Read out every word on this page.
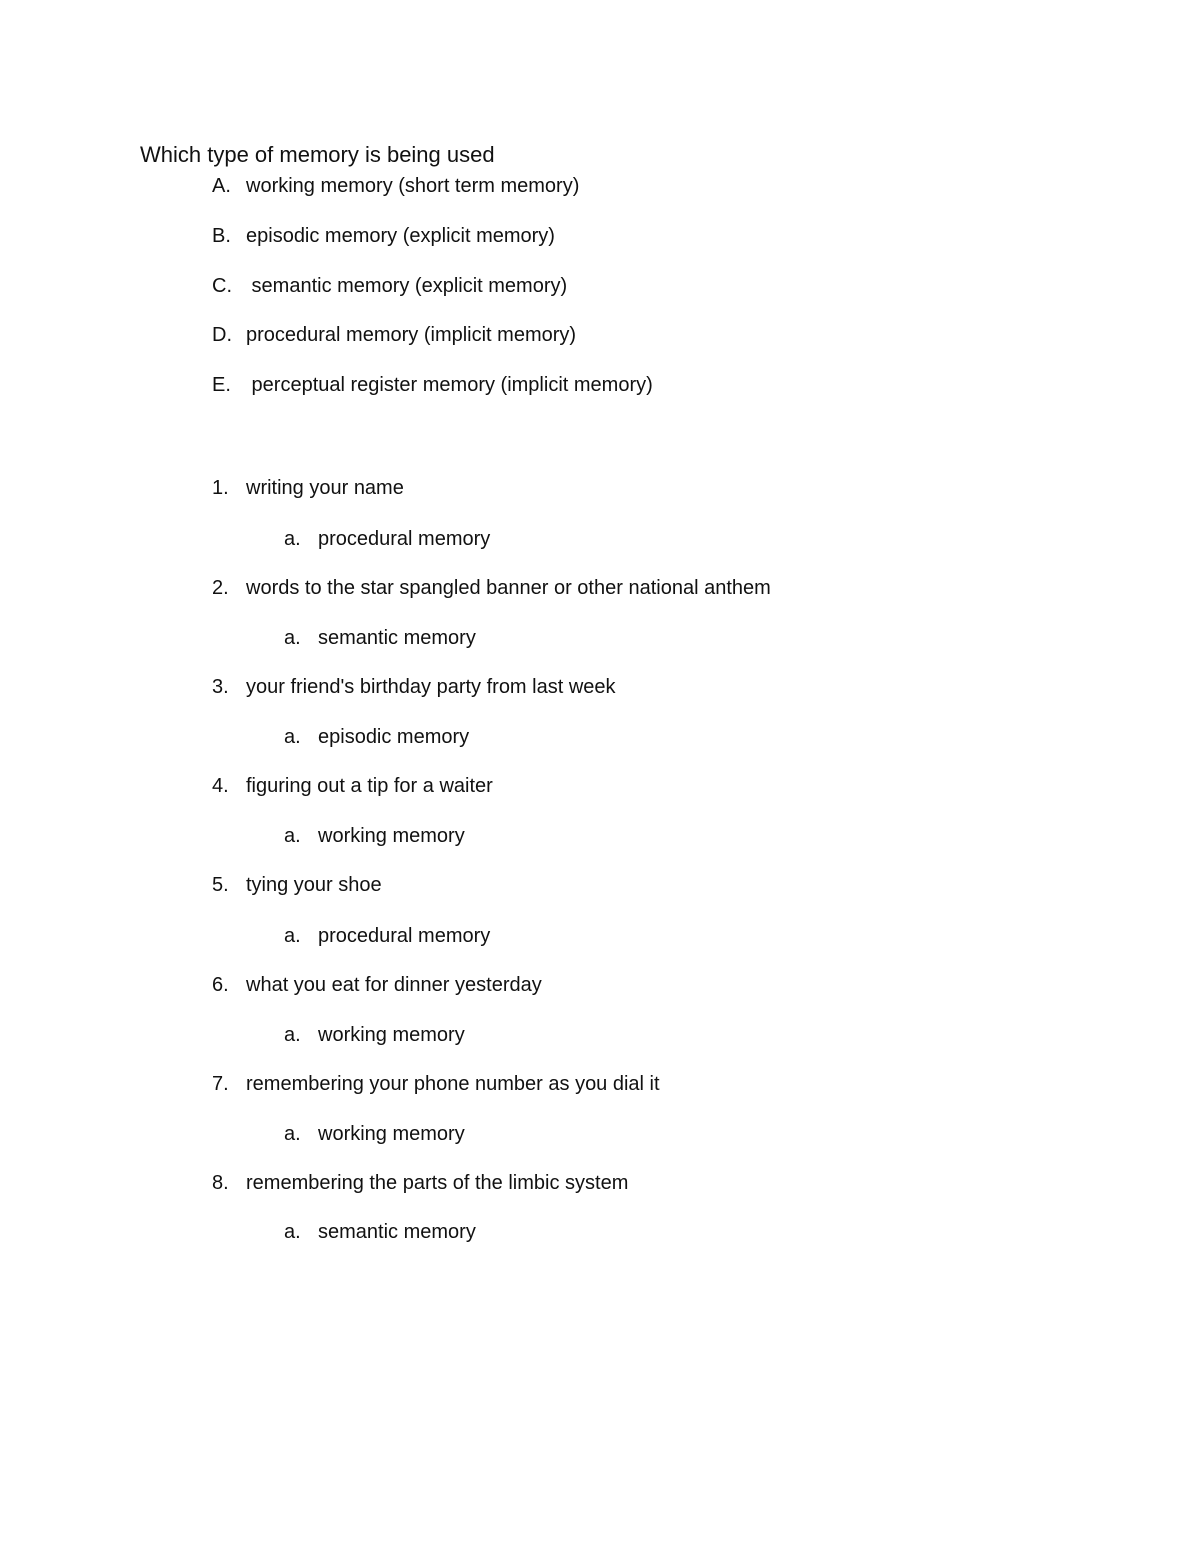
Which type of memory is being used
A. working memory (short term memory)
B. episodic memory (explicit memory)
C. semantic memory (explicit memory)
D. procedural memory (implicit memory)
E. perceptual register memory (implicit memory)
1. writing your name
a. procedural memory
2. words to the star spangled banner or other national anthem
a. semantic memory
3. your friend's birthday party from last week
a. episodic memory
4. figuring out a tip for a waiter
a. working memory
5. tying your shoe
a. procedural memory
6. what you eat for dinner yesterday
a. working memory
7. remembering your phone number as you dial it
a. working memory
8. remembering the parts of the limbic system
a. semantic memory
